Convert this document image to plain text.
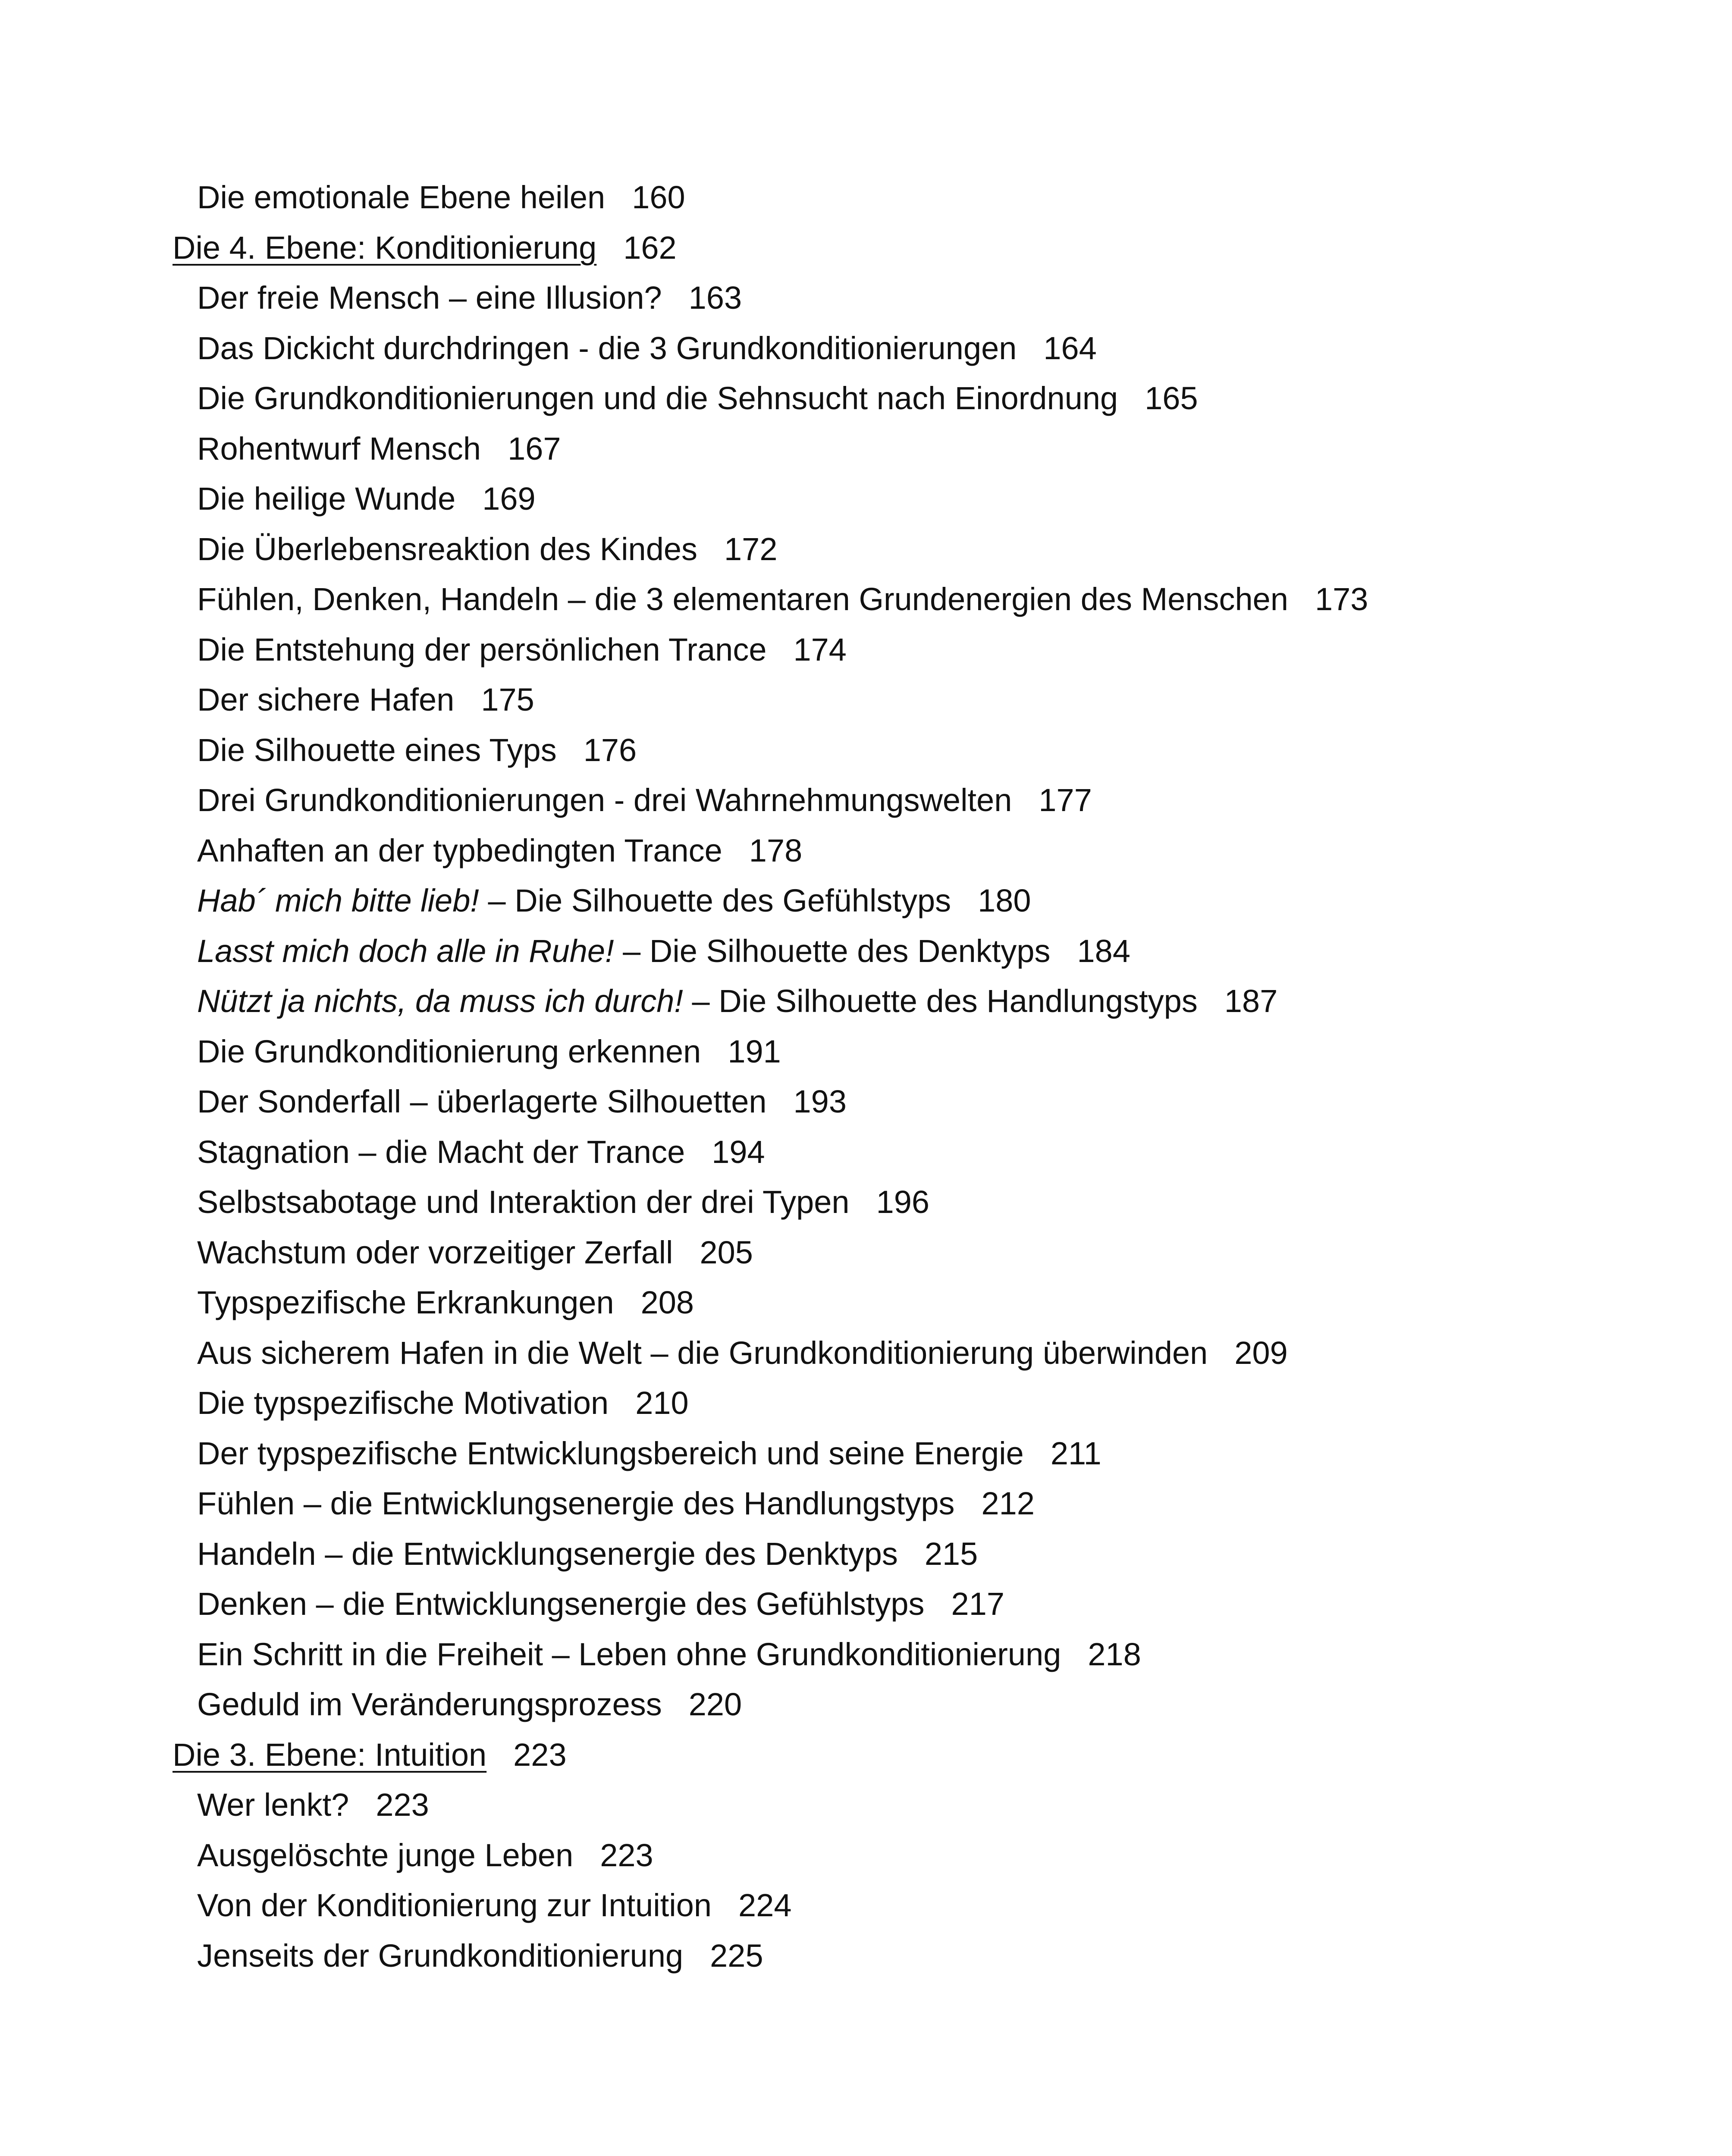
Die emotionale Ebene heilen 160
Die 4. Ebene: Konditionierung 162
Der freie Mensch – eine Illusion? 163
Das Dickicht durchdringen - die 3 Grundkonditionierungen 164
Die Grundkonditionierungen und die Sehnsucht nach Einordnung 165
Rohentwurf Mensch 167
Die heilige Wunde 169
Die Überlebensreaktion des Kindes 172
Fühlen, Denken, Handeln – die 3 elementaren Grundenergien des Menschen 173
Die Entstehung der persönlichen Trance 174
Der sichere Hafen 175
Die Silhouette eines Typs 176
Drei Grundkonditionierungen - drei Wahrnehmungswelten 177
Anhaften an der typbedingten Trance 178
Hab´ mich bitte lieb! – Die Silhouette des Gefühlstyps 180
Lasst mich doch alle in Ruhe! – Die Silhouette des Denktyps 184
Nützt ja nichts, da muss ich durch! – Die Silhouette des Handlungstyps 187
Die Grundkonditionierung erkennen 191
Der Sonderfall – überlagerte Silhouetten 193
Stagnation – die Macht der Trance 194
Selbstsabotage und Interaktion der drei Typen 196
Wachstum oder vorzeitiger Zerfall 205
Typspezifische Erkrankungen 208
Aus sicherem Hafen in die Welt – die Grundkonditionierung überwinden 209
Die typspezifische Motivation 210
Der typspezifische Entwicklungsbereich und seine Energie 211
Fühlen – die Entwicklungsenergie des Handlungstyps 212
Handeln – die Entwicklungsenergie des Denktyps 215
Denken – die Entwicklungsenergie des Gefühlstyps 217
Ein Schritt in die Freiheit – Leben ohne Grundkonditionierung 218
Geduld im Veränderungsprozess 220
Die 3. Ebene: Intuition 223
Wer lenkt? 223
Ausgelöschte junge Leben 223
Von der Konditionierung zur Intuition 224
Jenseits der Grundkonditionierung 225
